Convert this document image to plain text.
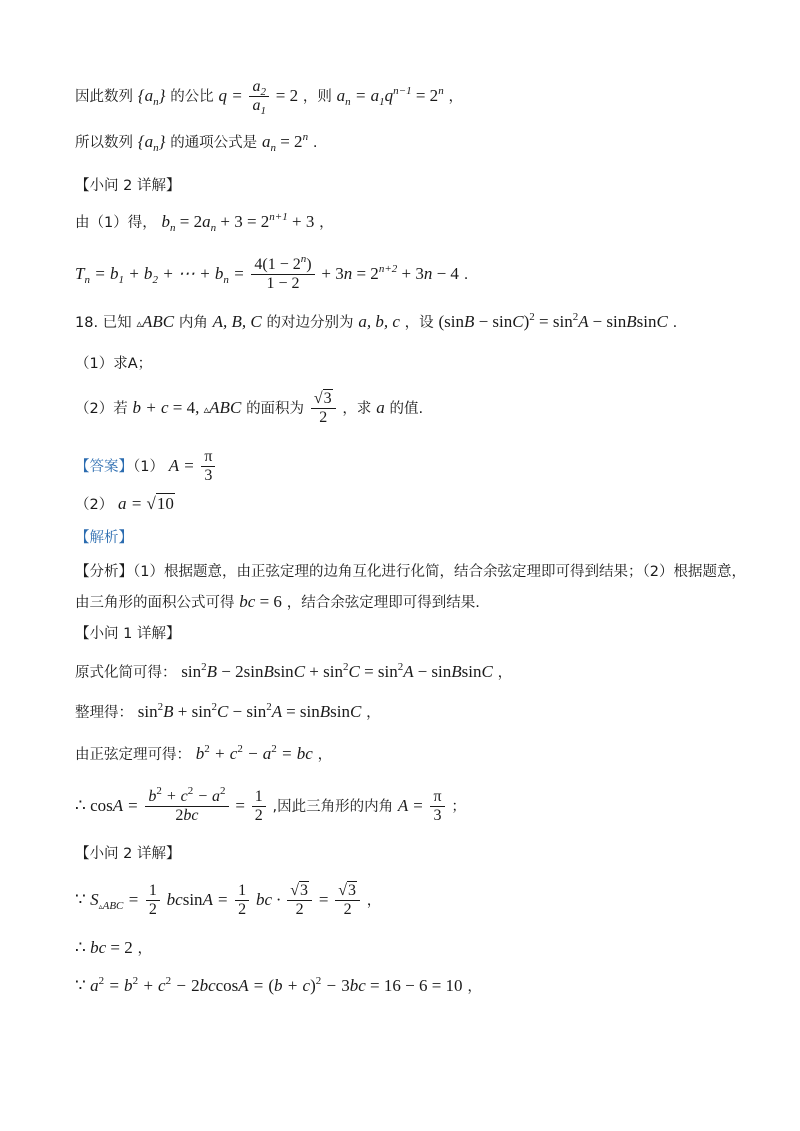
因此数列 $\{a_n\}$ 的公比 $q = \frac{a_2}{a_1} = 2$ ，则 $a_n = a_1q^{n-1} = 2^n$ ，
所以数列 $\{a_n\}$ 的通项公式是 $a_n = 2^n$ .
【小问 2 详解】
由（1）得， $b_n = 2a_n + 3 = 2^{n+1} + 3$ ，
$T_n = b_1 + b_2$ + ⋯ + $b_n = \frac{4(1 - 2^n)}{1 - 2} + 3n = 2^{n+2} + 3n - 4$ .
18. 已知 ▵ABC 内角 A, B, C 的对边分别为 a, b, c ，设 $(\sin B - \sin C)^2 = \sin^2A$ − sinBsinC .
（1）求A；
（2）若 b + c = 4, ▵ABC 的面积为 $\frac{√3}{2}$ ，求 a 的值.
【答案】（1） $A = \frac{\pi}{3}$
（2） a = √10
【解析】
【分析】（1）根据题意，由正弦定理的边角互化进行化简，结合余弦定理即可得到结果；（2）根据题意，
由三角形的面积公式可得 bc = 6 ，结合余弦定理即可得到结果.
【小问 1 详解】
原式化简可得： $\sin^2B$ − 2sinBsinC + $\sin^2C = \sin^2A$ − sinBsinC ，
整理得： $\sin^2B + \sin^2C - \sin^2A$ = sinBsinC ，
由正弦定理可得： $b^2 + c^2 - a^2$ = bc ，
∴ $\cos A = \frac{b^2 + c^2 - a^2}{2bc} = \frac{1}{2}$ ,因此三角形的内角 $A = \frac{\pi}{3}$ ；
【小问 2 详解】
∵ $S_{▵ABC} = \frac{1}{2}$ $bcsinA = \frac{1}{2}$ bc · $\frac{√3}{2} = \frac{√3}{2}$ ，
∴ bc = 2 ，
∵ $a^2 = b^2 + c^2 - 2bccosA = (b + c)^2 - 3bc = 16 - 6 = 10$ ，
